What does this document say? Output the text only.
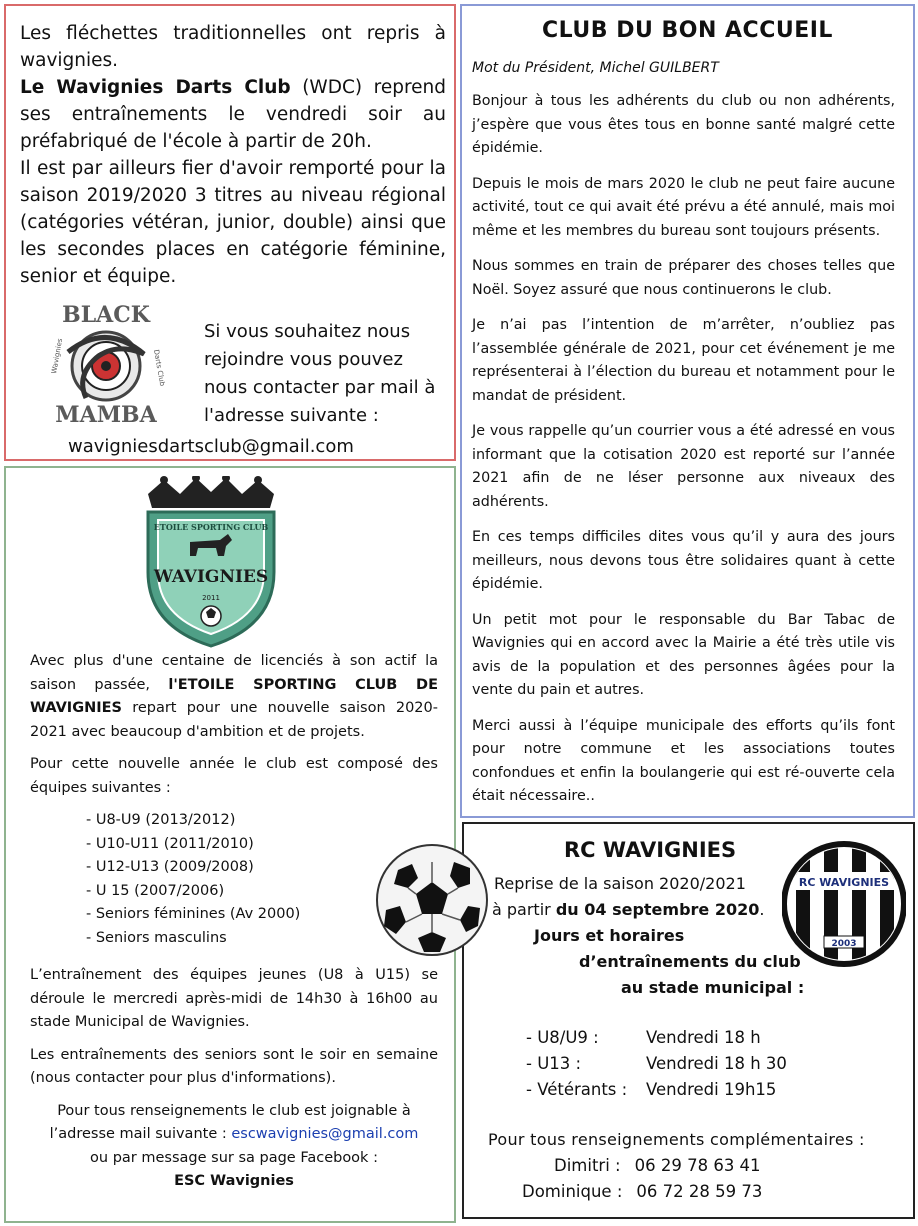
Les fléchettes traditionnelles ont repris à wavignies.

Le Wavignies Darts Club (WDC) reprend ses entraînements le vendredi soir au préfabriqué de l'école à partir de 20h.

Il est par ailleurs fier d'avoir remporté pour la saison 2019/2020 3 titres au niveau régional (catégories vétéran, junior, double) ainsi que les secondes places en catégorie féminine, senior et équipe.

BLACK
Wavignies	Darts Club
MAMBA
Si vous souhaitez nous rejoindre vous pouvez nous contacter par mail à l'adresse suivante :
wavigniesdartsclub@gmail.com
ETOILE SPORTING CLUB
WAVIGNIES
2011

Avec plus d'une centaine de licenciés à son actif la saison passée, l'ETOILE SPORTING CLUB DE WAVIGNIES repart pour une nouvelle saison 2020-2021 avec beaucoup d'ambition et de projets.

Pour cette nouvelle année le club est composé des équipes suivantes :

- U8-U9 (2013/2012)
- U10-U11 (2011/2010)
- U12-U13 (2009/2008)
- U 15 (2007/2006)
- Seniors féminines (Av 2000)
- Seniors masculins

L’entraînement des équipes jeunes (U8 à U15) se déroule le mercredi après-midi de 14h30 à 16h00 au stade Municipal de Wavignies.

Les entraînements des seniors sont le soir en semaine (nous contacter pour plus d'informations).

Pour tous renseignements le club est joignable à
l’adresse mail suivante : escwavignies@gmail.com
ou par message sur sa page Facebook :
ESC Wavignies
CLUB DU BON ACCUEIL
Mot du Président, Michel GUILBERT

Bonjour à tous les adhérents du club ou non adhérents, j’espère que vous êtes tous en bonne santé malgré cette épidémie.

Depuis le mois de mars 2020 le club ne peut faire aucune activité, tout ce qui avait été prévu a été annulé, mais moi même et les membres du bureau sont toujours présents.

Nous sommes en train de préparer des choses telles que Noël. Soyez assuré que nous continuerons le club.

Je n’ai pas l’intention de m’arrêter, n’oubliez pas l’assemblée générale de 2021, pour cet événement je me représenterai à l’élection du bureau et notamment pour le mandat de président.

Je vous rappelle qu’un courrier vous a été adressé en vous informant que la cotisation 2020 est reporté sur l’année 2021 afin de ne léser personne aux niveaux des adhérents.

En ces temps difficiles dites vous qu’il y aura des jours meilleurs, nous devons tous être solidaires quant à cette épidémie.

Un petit mot pour le responsable du Bar Tabac de Wavignies qui en accord avec la Mairie a été très utile vis avis de la population et des personnes âgées pour la vente du pain et autres.

Merci aussi à l’équipe municipale des efforts qu’ils font pour notre commune et les associations toutes confondues et enfin la boulangerie qui est ré-ouverte cela était nécessaire..

RC WAVIGNIES
2003
RC WAVIGNIES
Reprise de la saison 2020/2021
à partir du 04 septembre 2020.
Jours et horaires
d’entraînements du club
au stade municipal :
- U8/U9 :	Vendredi 18 h
- U13 :	Vendredi 18 h 30
- Vétérants : Vendredi 19h15
Pour tous renseignements complémentaires :
Dimitri : 06 29 78 63 41
Dominique : 06 72 28 59 73
